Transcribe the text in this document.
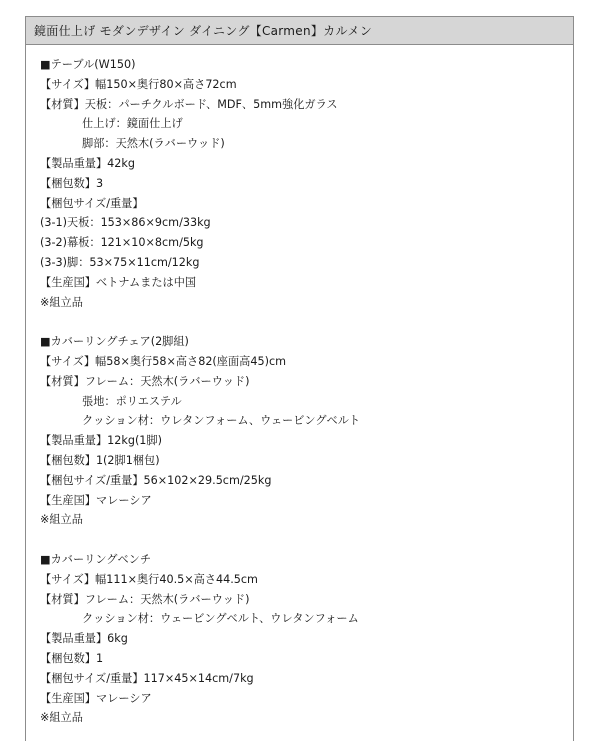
鏡面仕上げ モダンデザイン ダイニング【Carmen】カルメン
■テーブル(W150)
【サイズ】幅150×奥行80×高さ72cm
【材質】天板：パーチクルボード、MDF、5mm強化ガラス
仕上げ：鏡面仕上げ
脚部：天然木(ラバーウッド)
【製品重量】42kg
【梱包数】3
【梱包サイズ/重量】
(3-1)天板：153×86×9cm/33kg
(3-2)幕板：121×10×8cm/5kg
(3-3)脚：53×75×11cm/12kg
【生産国】ベトナムまたは中国
※組立品
■カバーリングチェア(2脚組)
【サイズ】幅58×奥行58×高さ82(座面高45)cm
【材質】フレーム：天然木(ラバーウッド)
張地：ポリエステル
クッション材：ウレタンフォーム、ウェービングベルト
【製品重量】12kg(1脚)
【梱包数】1(2脚1梱包)
【梱包サイズ/重量】56×102×29.5cm/25kg
【生産国】マレーシア
※組立品
■カバーリングベンチ
【サイズ】幅111×奥行40.5×高さ44.5cm
【材質】フレーム：天然木(ラバーウッド)
クッション材：ウェービングベルト、ウレタンフォーム
【製品重量】6kg
【梱包数】1
【梱包サイズ/重量】117×45×14cm/7kg
【生産国】マレーシア
※組立品
